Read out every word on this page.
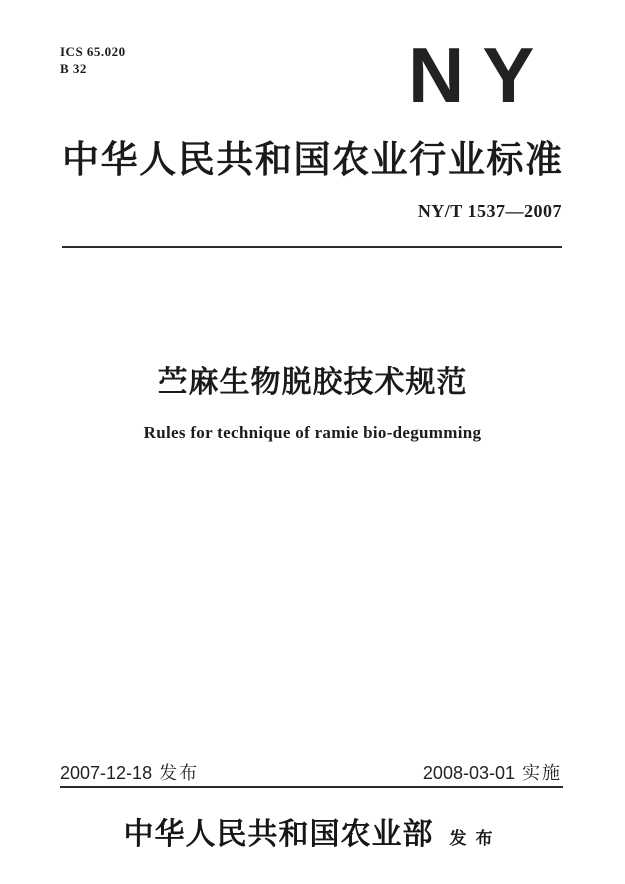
ICS 65.020
B 32	NY
中华人民共和国农业行业标准
NY/T 1537—2007
苎麻生物脱胶技术规范
Rules for technique of ramie bio-degumming
2007-12-18 发布	2008-03-01 实施
中华人民共和国农业部 发布
